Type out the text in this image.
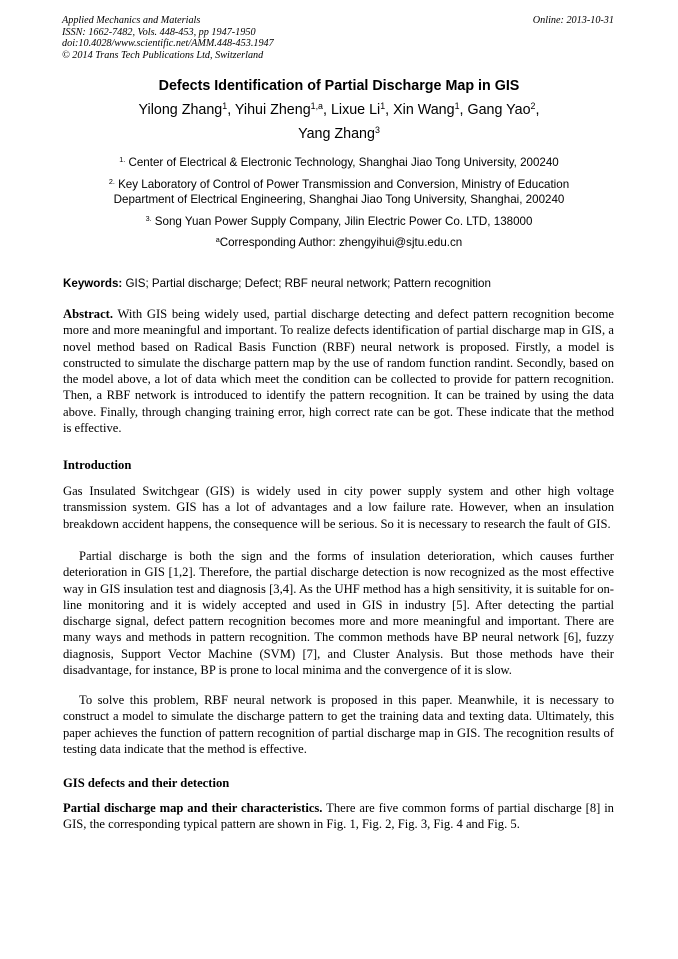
Applied Mechanics and Materials
ISSN: 1662-7482, Vols. 448-453, pp 1947-1950
doi:10.4028/www.scientific.net/AMM.448-453.1947
© 2014 Trans Tech Publications Ltd, Switzerland
Online: 2013-10-31
Defects Identification of Partial Discharge Map in GIS
Yilong Zhang$^1$, Yihui Zheng$^{1,a}$, Lixue Li$^1$, Xin Wang$^1$, Gang Yao$^2$,
Yang Zhang$^3$
$^{1.}$ Center of Electrical & Electronic Technology, Shanghai Jiao Tong University, 200240
$^{2.}$ Key Laboratory of Control of Power Transmission and Conversion, Ministry of Education
Department of Electrical Engineering, Shanghai Jiao Tong University, Shanghai, 200240
$^{3.}$ Song Yuan Power Supply Company, Jilin Electric Power Co. LTD, 138000
$^a$Corresponding Author: zhengyihui@sjtu.edu.cn
Keywords: GIS; Partial discharge; Defect; RBF neural network; Pattern recognition
Abstract. With GIS being widely used, partial discharge detecting and defect pattern recognition become more and more meaningful and important. To realize defects identification of partial discharge map in GIS, a novel method based on Radical Basis Function (RBF) neural network is proposed. Firstly, a model is constructed to simulate the discharge pattern map by the use of random function randint. Secondly, based on the model above, a lot of data which meet the condition can be collected to provide for pattern recognition. Then, a RBF network is introduced to identify the pattern recognition. It can be trained by using the data above. Finally, through changing training error, high correct rate can be got. These indicate that the method is effective.
Introduction
Gas Insulated Switchgear (GIS) is widely used in city power supply system and other high voltage transmission system. GIS has a lot of advantages and a low failure rate. However, when an insulation breakdown accident happens, the consequence will be serious. So it is necessary to research the fault of GIS.
Partial discharge is both the sign and the forms of insulation deterioration, which causes further deterioration in GIS [1,2]. Therefore, the partial discharge detection is now recognized as the most effective way in GIS insulation test and diagnosis [3,4]. As the UHF method has a high sensitivity, it is suitable for on-line monitoring and it is widely accepted and used in GIS in industry [5]. After detecting the partial discharge signal, defect pattern recognition becomes more and more meaningful and important. There are many ways and methods in pattern recognition. The common methods have BP neural network [6], fuzzy diagnosis, Support Vector Machine (SVM) [7], and Cluster Analysis. But those methods have their disadvantage, for instance, BP is prone to local minima and the convergence of it is slow.
To solve this problem, RBF neural network is proposed in this paper. Meanwhile, it is necessary to construct a model to simulate the discharge pattern to get the training data and texting data. Ultimately, this paper achieves the function of pattern recognition of partial discharge map in GIS. The recognition results of testing data indicate that the method is effective.
GIS defects and their detection
Partial discharge map and their characteristics. There are five common forms of partial discharge [8] in GIS, the corresponding typical pattern are shown in Fig. 1, Fig. 2, Fig. 3, Fig. 4 and Fig. 5.
